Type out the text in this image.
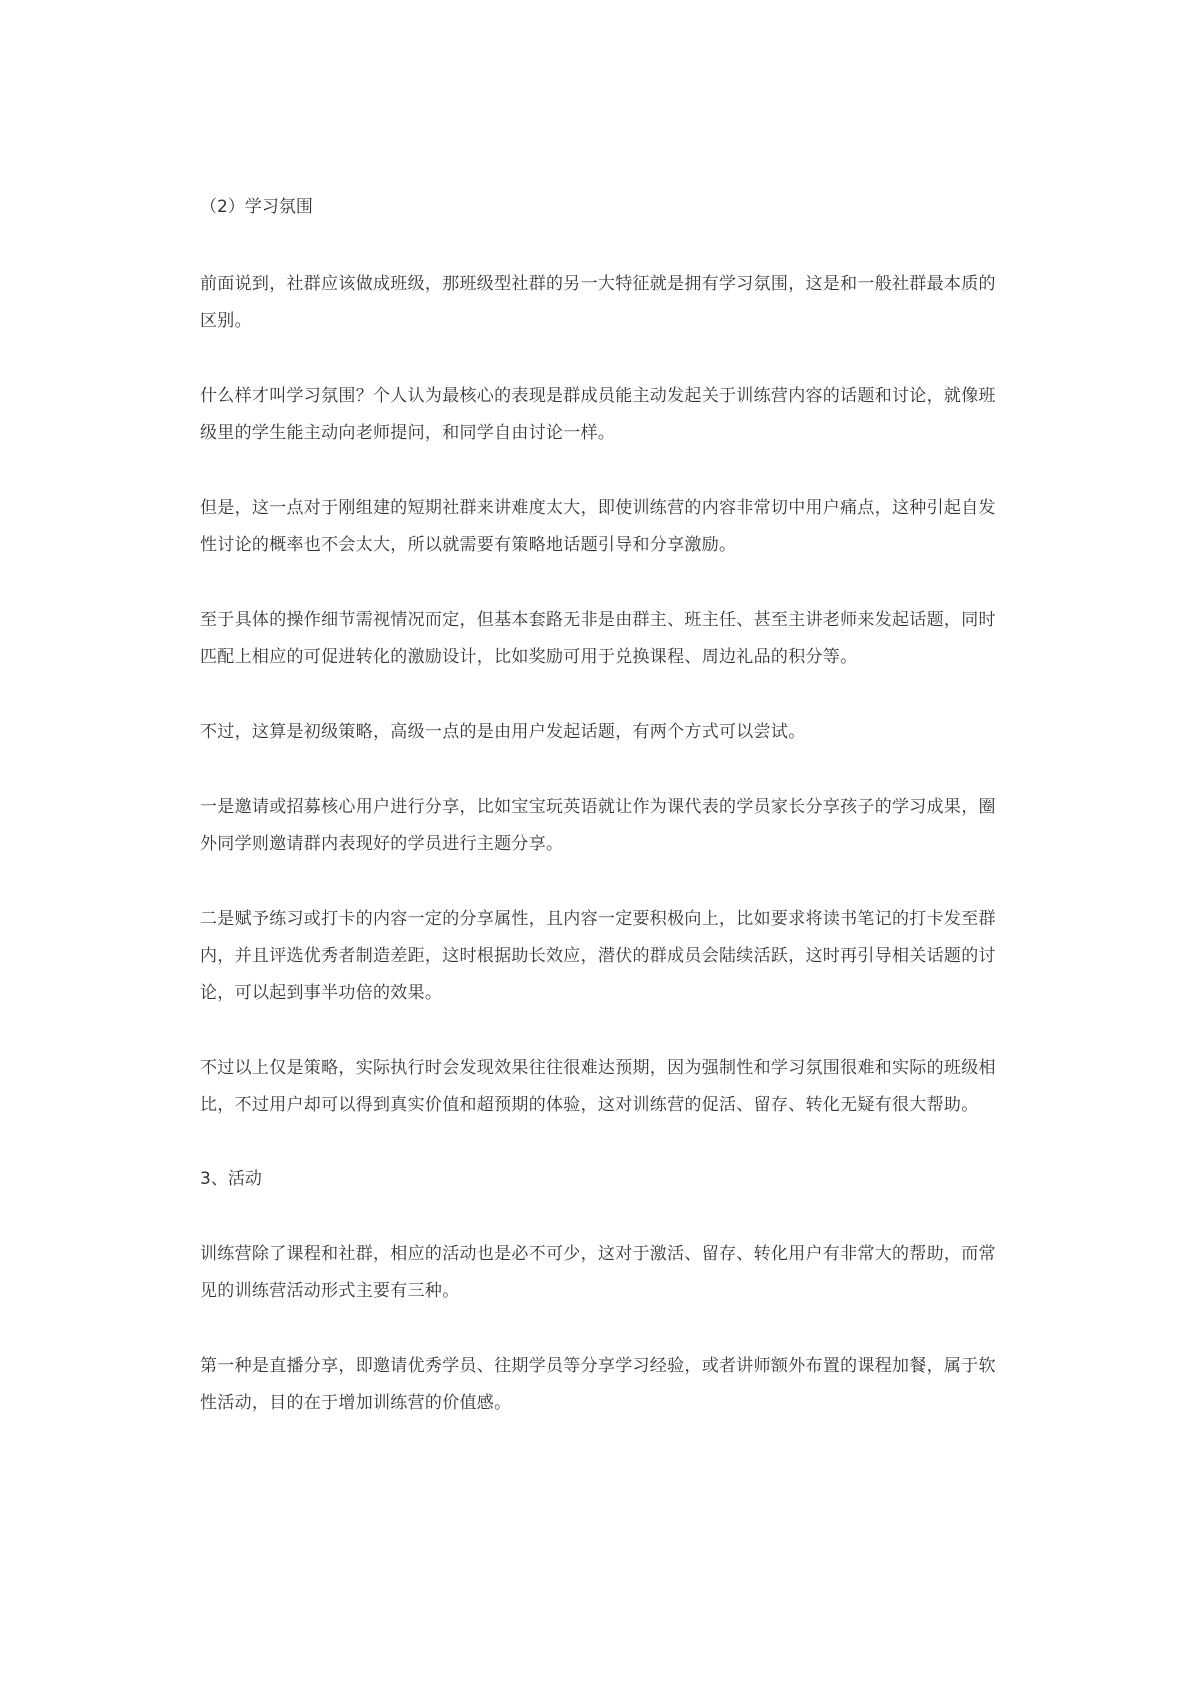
（2）学习氛围

前面说到，社群应该做成班级，那班级型社群的另一大特征就是拥有学习氛围，这是和一般社群最本质的区别。

什么样才叫学习氛围？个人认为最核心的表现是群成员能主动发起关于训练营内容的话题和讨论，就像班级里的学生能主动向老师提问，和同学自由讨论一样。

但是，这一点对于刚组建的短期社群来讲难度太大，即使训练营的内容非常切中用户痛点，这种引起自发性讨论的概率也不会太大，所以就需要有策略地话题引导和分享激励。

至于具体的操作细节需视情况而定，但基本套路无非是由群主、班主任、甚至主讲老师来发起话题，同时匹配上相应的可促进转化的激励设计，比如奖励可用于兑换课程、周边礼品的积分等。

不过，这算是初级策略，高级一点的是由用户发起话题，有两个方式可以尝试。

一是邀请或招募核心用户进行分享，比如宝宝玩英语就让作为课代表的学员家长分享孩子的学习成果，圈外同学则邀请群内表现好的学员进行主题分享。

二是赋予练习或打卡的内容一定的分享属性，且内容一定要积极向上，比如要求将读书笔记的打卡发至群内，并且评选优秀者制造差距，这时根据助长效应，潜伏的群成员会陆续活跃，这时再引导相关话题的讨论，可以起到事半功倍的效果。

不过以上仅是策略，实际执行时会发现效果往往很难达预期，因为强制性和学习氛围很难和实际的班级相比，不过用户却可以得到真实价值和超预期的体验，这对训练营的促活、留存、转化无疑有很大帮助。

3、活动

训练营除了课程和社群，相应的活动也是必不可少，这对于激活、留存、转化用户有非常大的帮助，而常见的训练营活动形式主要有三种。

第一种是直播分享，即邀请优秀学员、往期学员等分享学习经验，或者讲师额外布置的课程加餐，属于软性活动，目的在于增加训练营的价值感。
